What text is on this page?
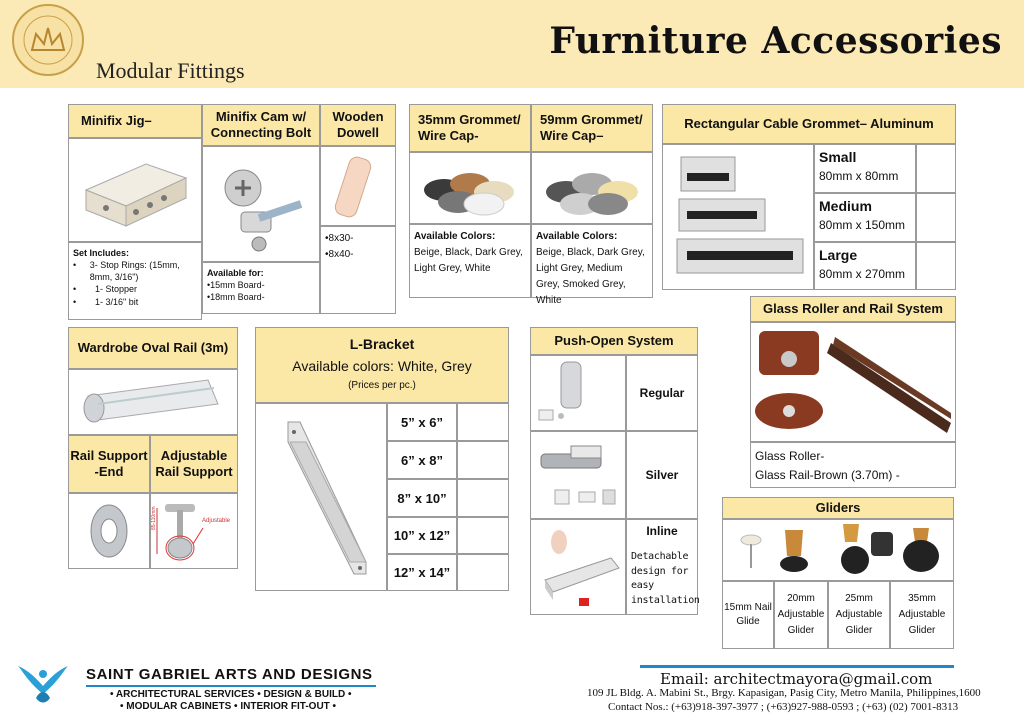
Furniture Accessories
Modular Fittings
Minifix Jig–
Set Includes:
•	3- Stop Rings: (15mm, 8mm, 3/16")
•	1- Stopper
•	1- 3/16" bit
Minifix Cam w/ Connecting Bolt
Available for:
•15mm Board-
•18mm Board-
Wooden Dowell
•8x30-
•8x40-
35mm Grommet/ Wire Cap-
Available Colors: Beige, Black, Dark Grey, Light Grey, White
59mm Grommet/ Wire Cap–
Available Colors: Beige, Black, Dark Grey, Light Grey, Medium Grey, Smoked Grey, White
Rectangular Cable Grommet– Aluminum
Small
80mm x 80mm
Medium
80mm x 150mm
Large
80mm x 270mm
Glass Roller and Rail System
Glass Roller-
Glass Rail-Brown (3.70m) -
Wardrobe Oval Rail (3m)
Rail Support -End
Adjustable Rail Support
85-110mm	Adjustable
L-Bracket
Available colors: White, Grey
(Prices per pc.)
5” x 6”
6” x 8”
8” x 10”
10” x 12”
12” x 14”
Push-Open System
Regular
Silver
Inline
Detachable design for easy installation
Gliders
15mm Nail Glide
20mm Adjustable Glider
25mm Adjustable Glider
35mm Adjustable Glider
SAINT GABRIEL ARTS AND DESIGNS
• ARCHITECTURAL SERVICES • DESIGN & BUILD •
• MODULAR CABINETS • INTERIOR FIT-OUT •
Email: architectmayora@gmail.com
109 JL Bldg. A. Mabini St., Brgy. Kapasigan, Pasig City, Metro Manila, Philippines,1600
Contact Nos.: (+63)918-397-3977 ; (+63)927-988-0593 ; (+63) (02) 7001-8313
